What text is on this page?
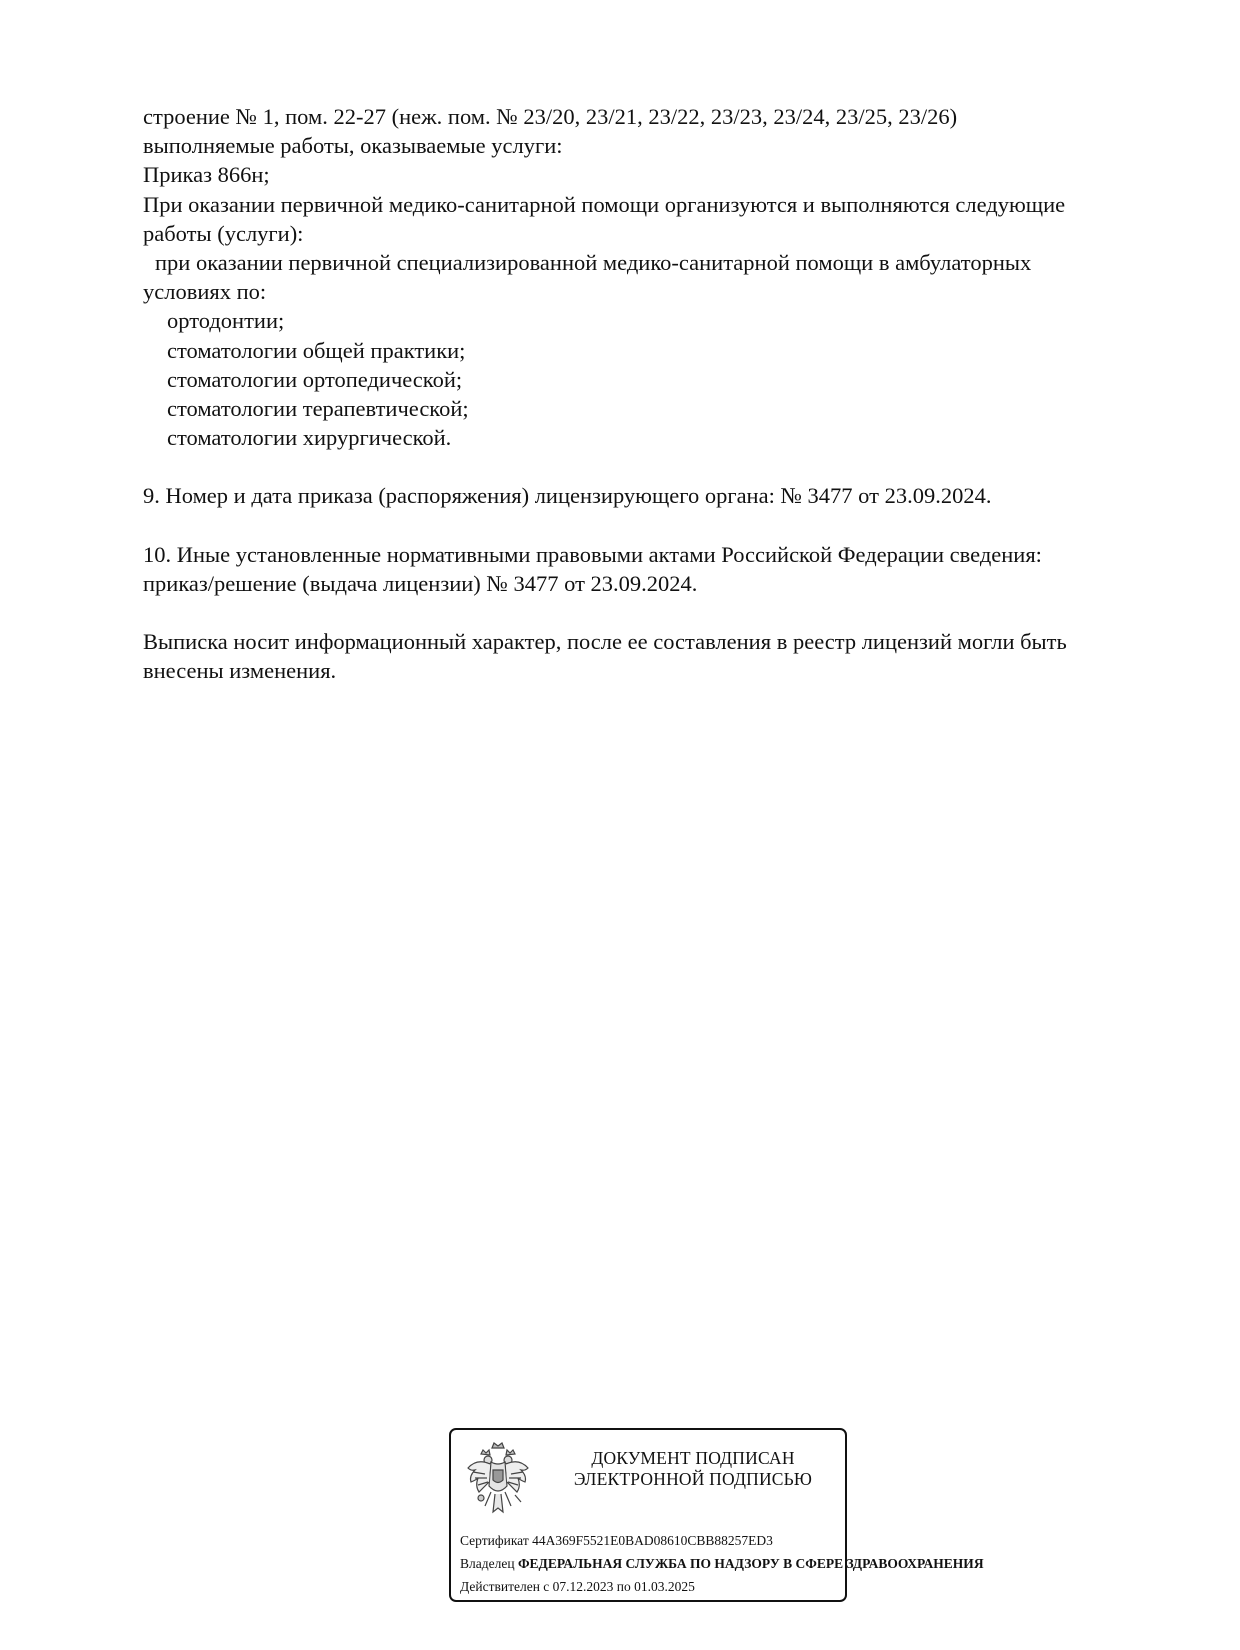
строение № 1, пом. 22-27 (неж. пом. № 23/20, 23/21, 23/22, 23/23, 23/24, 23/25, 23/26)
выполняемые работы, оказываемые услуги:
Приказ 866н;
При оказании первичной медико-санитарной помощи организуются и выполняются следующие
работы (услуги):
при оказании первичной специализированной медико-санитарной помощи в амбулаторных
условиях по:
ортодонтии;
стоматологии общей практики;
стоматологии ортопедической;
стоматологии терапевтической;
стоматологии хирургической.
9. Номер и дата приказа (распоряжения) лицензирующего органа: № 3477 от 23.09.2024.
10. Иные установленные нормативными правовыми актами Российской Федерации сведения:
приказ/решение (выдача лицензии) № 3477 от 23.09.2024.
Выписка носит информационный характер, после ее составления в реестр лицензий могли быть
внесены изменения.
ДОКУМЕНТ ПОДПИСАН
ЭЛЕКТРОННОЙ ПОДПИСЬЮ
Сертификат 44A369F5521E0BAD08610CBB88257ED3
Владелец ФЕДЕРАЛЬНАЯ СЛУЖБА ПО НАДЗОРУ В СФЕРЕ ЗДРАВООХРАНЕНИЯ
Действителен с 07.12.2023 по 01.03.2025
